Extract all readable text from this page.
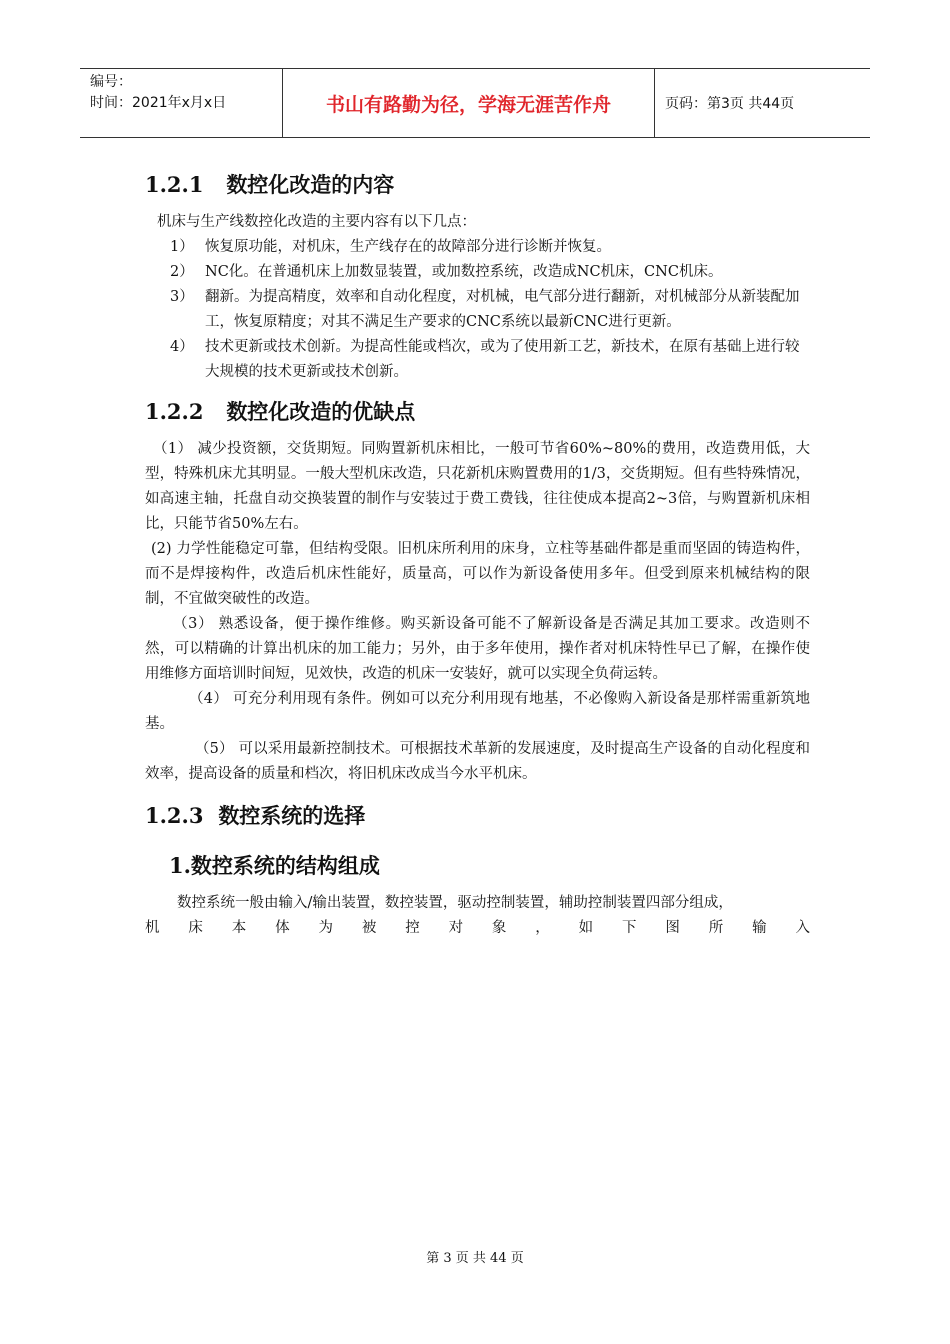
编号：
时间：2021年x月x日	书山有路勤为径，学海无涯苦作舟	页码：第3页 共44页
1.2.1 数控化改造的内容

机床与生产线数控化改造的主要内容有以下几点：

1） 恢复原功能，对机床，生产线存在的故障部分进行诊断并恢复。
2） NC化。在普通机床上加数显装置，或加数控系统，改造成NC机床，CNC机床。
3） 翻新。为提高精度，效率和自动化程度，对机械，电气部分进行翻新，对机械部分从新装配加工，恢复原精度；对其不满足生产要求的CNC系统以最新CNC进行更新。
4） 技术更新或技术创新。为提高性能或档次，或为了使用新工艺，新技术，在原有基础上进行较大规模的技术更新或技术创新。
1.2.2 数控化改造的优缺点

（1） 减少投资额，交货期短。同购置新机床相比，一般可节省60%~80%的费用，改造费用低，大型，特殊机床尤其明显。一般大型机床改造，只花新机床购置费用的1/3，交货期短。但有些特殊情况，如高速主轴，托盘自动交换装置的制作与安装过于费工费钱，往往使成本提高2~3倍，与购置新机床相比，只能节省50%左右。

(2) 力学性能稳定可靠，但结构受限。旧机床所利用的床身，立柱等基础件都是重而坚固的铸造构件，而不是焊接构件，改造后机床性能好，质量高，可以作为新设备使用多年。但受到原来机械结构的限制，不宜做突破性的改造。

（3） 熟悉设备，便于操作维修。购买新设备可能不了解新设备是否满足其加工要求。改造则不然，可以精确的计算出机床的加工能力；另外，由于多年使用，操作者对机床特性早已了解，在操作使用维修方面培训时间短，见效快，改造的机床一安装好，就可以实现全负荷运转。

（4） 可充分利用现有条件。例如可以充分利用现有地基，不必像购入新设备是那样需重新筑地基。

（5） 可以采用最新控制技术。可根据技术革新的发展速度，及时提高生产设备的自动化程度和效率，提高设备的质量和档次，将旧机床改成当今水平机床。

1.2.3 数控系统的选择
1.数控系统的结构组成

数控系统一般由输入/输出装置，数控装置，驱动控制装置，辅助控制装置四部分组成，

机床本体为被控对象，如下图所输入

第 3 页 共 44 页
